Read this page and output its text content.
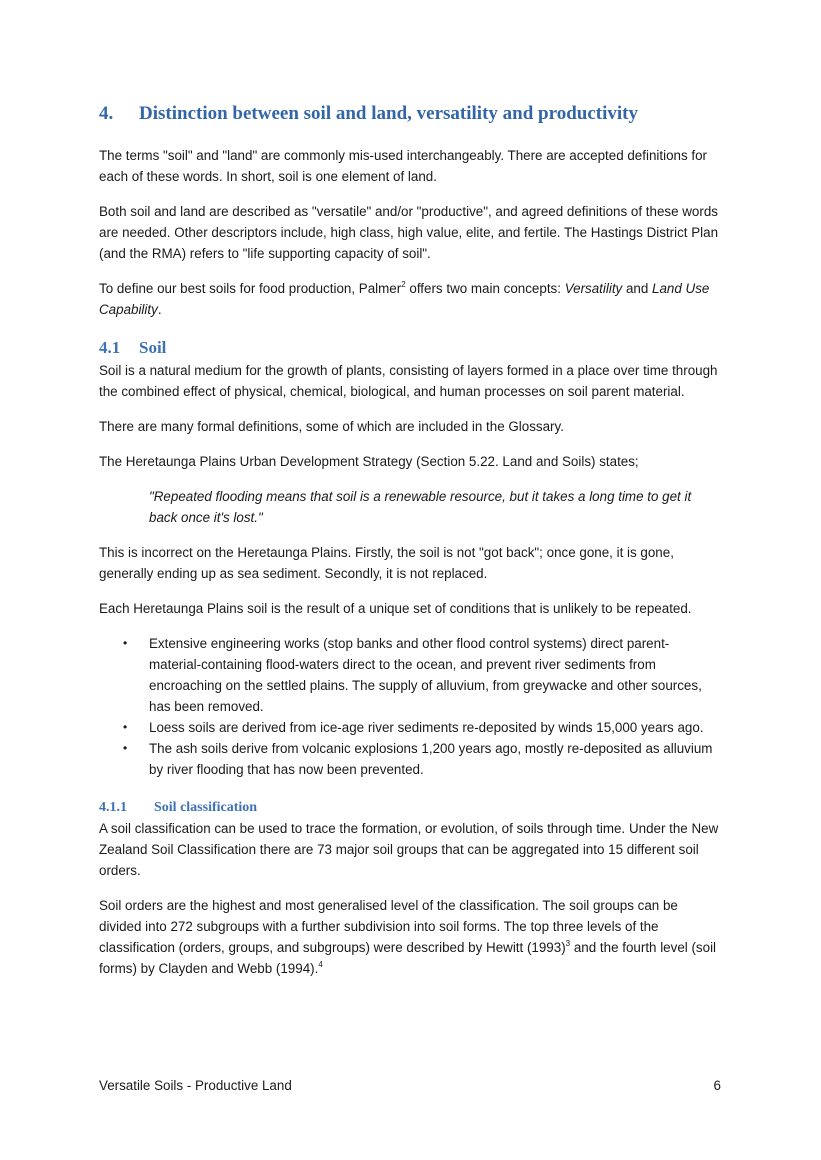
4. Distinction between soil and land, versatility and productivity

The terms "soil" and "land" are commonly mis-used interchangeably. There are accepted definitions for each of these words. In short, soil is one element of land.

Both soil and land are described as "versatile" and/or "productive", and agreed definitions of these words are needed. Other descriptors include, high class, high value, elite, and fertile. The Hastings District Plan (and the RMA) refers to "life supporting capacity of soil".

To define our best soils for food production, Palmer$^2$ offers two main concepts: Versatility and Land Use Capability.

4.1 Soil

Soil is a natural medium for the growth of plants, consisting of layers formed in a place over time through the combined effect of physical, chemical, biological, and human processes on soil parent material.

There are many formal definitions, some of which are included in the Glossary.

The Heretaunga Plains Urban Development Strategy (Section 5.22. Land and Soils) states;

"Repeated flooding means that soil is a renewable resource, but it takes a long time to get it back once it's lost."

This is incorrect on the Heretaunga Plains. Firstly, the soil is not "got back"; once gone, it is gone, generally ending up as sea sediment. Secondly, it is not replaced.

Each Heretaunga Plains soil is the result of a unique set of conditions that is unlikely to be repeated.

• Extensive engineering works (stop banks and other flood control systems) direct parent-material-containing flood-waters direct to the ocean, and prevent river sediments from encroaching on the settled plains. The supply of alluvium, from greywacke and other sources, has been removed.
• Loess soils are derived from ice-age river sediments re-deposited by winds 15,000 years ago.
• The ash soils derive from volcanic explosions 1,200 years ago, mostly re-deposited as alluvium by river flooding that has now been prevented.
4.1.1 Soil classification

A soil classification can be used to trace the formation, or evolution, of soils through time. Under the New Zealand Soil Classification there are 73 major soil groups that can be aggregated into 15 different soil orders.

Soil orders are the highest and most generalised level of the classification. The soil groups can be divided into 272 subgroups with a further subdivision into soil forms. The top three levels of the classification (orders, groups, and subgroups) were described by Hewitt $(1993)^3$ and the fourth level (soil forms) by Clayden and Webb (1994).$^4$

Versatile Soils - Productive Land	6
